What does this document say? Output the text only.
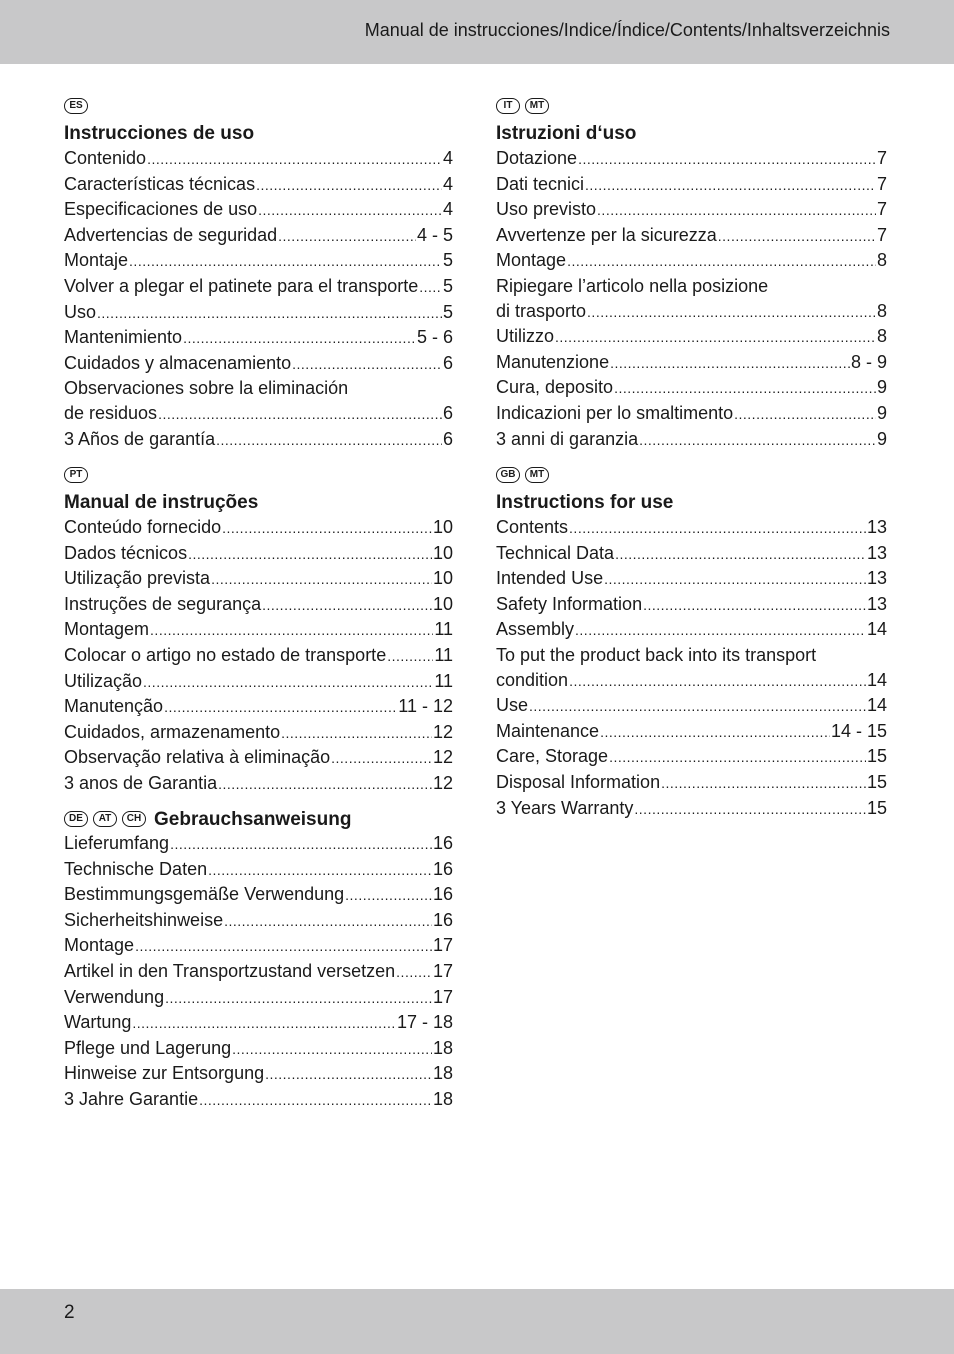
Manual de instrucciones/Indice/Índice/Contents/Inhaltsverzeichnis
ES
Instrucciones de uso
Contenido .....	4
Características técnicas .....	4
Especificaciones de uso .....	4
Advertencias de seguridad .....	4 - 5
Montaje .....	5
Volver a plegar el patinete para el transporte ..... 5
Uso .....	5
Mantenimiento .....	5 - 6
Cuidados y almacenamiento .....	6
Observaciones sobre la eliminación
de residuos .....	6
3 Años de garantía .....	6
PT
Manual de instruções
Conteúdo fornecido .....	10
Dados técnicos .....	10
Utilização prevista .....	10
Instruções de segurança .....	10
Montagem .....	11
Colocar o artigo no estado de transporte .....	11
Utilização .....	11
Manutenção .....	11 - 12
Cuidados, armazenamento .....	12
Observação relativa à eliminação .....	12
3 anos de Garantia .....	12
DE	AT	CH Gebrauchsanweisung
Lieferumfang .....	16
Technische Daten .....	16
Bestimmungsgemäße Verwendung .....	16
Sicherheitshinweise .....	16
Montage .....	17
Artikel in den Transportzustand versetzen ..... 17
Verwendung .....	17
Wartung .....	17 - 18
Pflege und Lagerung .....	18
Hinweise zur Entsorgung .....	18
3 Jahre Garantie .....	18
IT	MT
Istruzioni d‘uso
Dotazione .....	7
Dati tecnici .....	7
Uso previsto .....	7
Avvertenze per la sicurezza .....	7
Montage .....	8
Ripiegare l’articolo nella posizione
di trasporto .....	8
Utilizzo .....	8
Manutenzione .....	8 - 9
Cura, deposito .....	9
Indicazioni per lo smaltimento .....	9
3 anni di garanzia .....	9
GB	MT
Instructions for use
Contents .....	13
Technical Data .....	13
Intended Use .....	13
Safety Information .....	13
Assembly .....	14
To put the product back into its transport
condition .....	14
Use .....	14
Maintenance .....	14 - 15
Care, Storage .....	15
Disposal Information .....	15
3 Years Warranty .....	15
2
